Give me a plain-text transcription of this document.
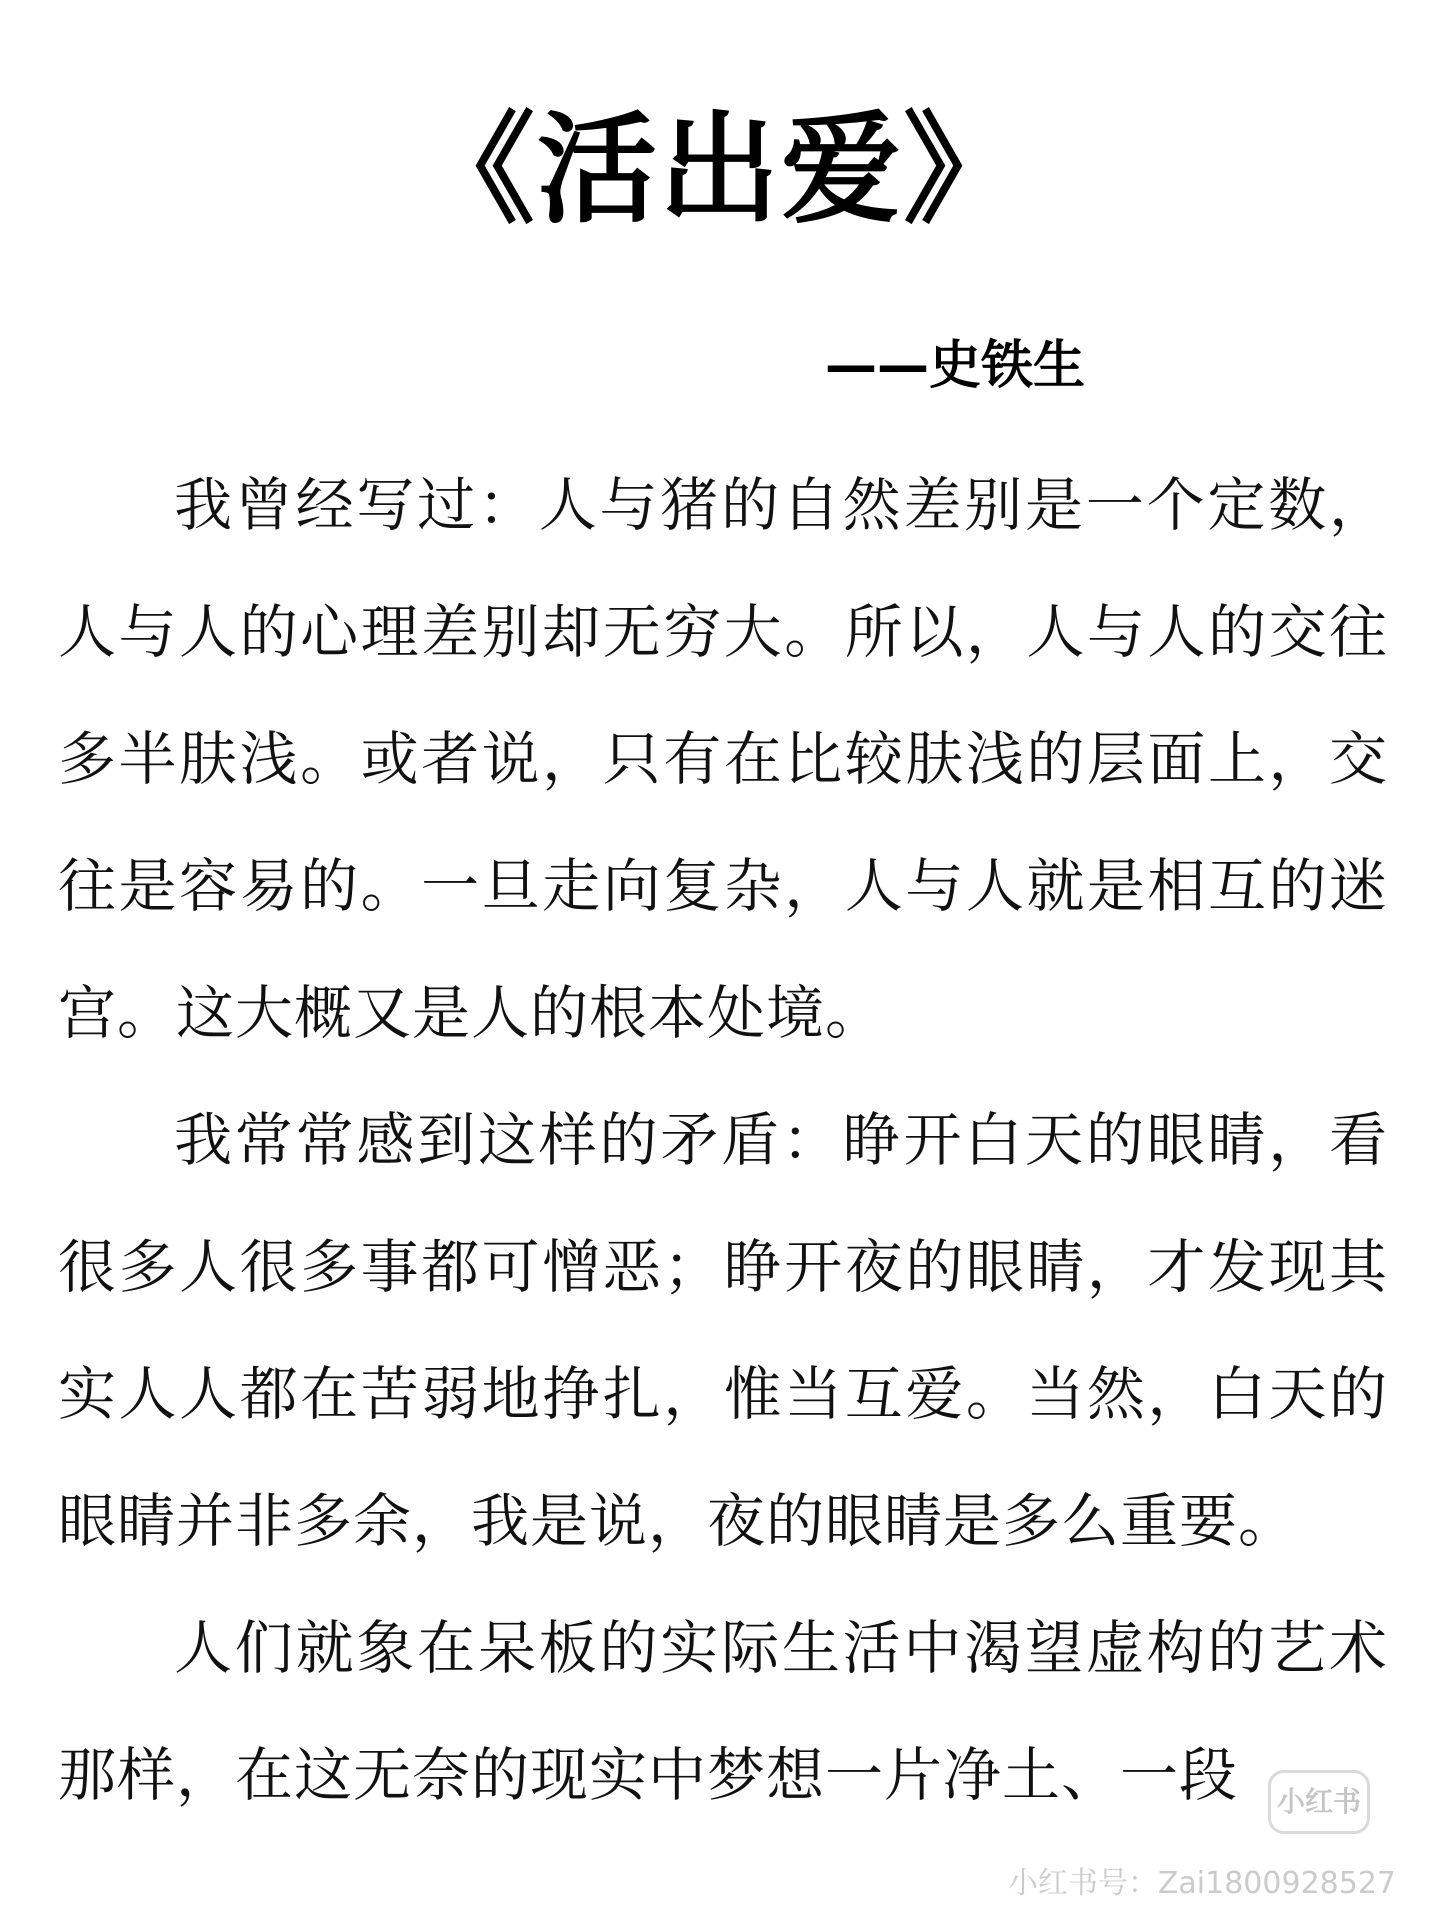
《活出爱》
——史铁生

我曾经写过：人与猪的自然差别是一个定数，人与人的心理差别却无穷大。所以，人与人的交往多半肤浅。或者说，只有在比较肤浅的层面上，交往是容易的。一旦走向复杂，人与人就是相互的迷宫。这大概又是人的根本处境。

我常常感到这样的矛盾：睁开白天的眼睛，看很多人很多事都可憎恶；睁开夜的眼睛，才发现其实人人都在苦弱地挣扎，惟当互爱。当然，白天的眼睛并非多余，我是说，夜的眼睛是多么重要。

人们就象在呆板的实际生活中渴望虚构的艺术那样，在这无奈的现实中梦想一片净土、一段	小红书
小红书号：Zai1800928527
